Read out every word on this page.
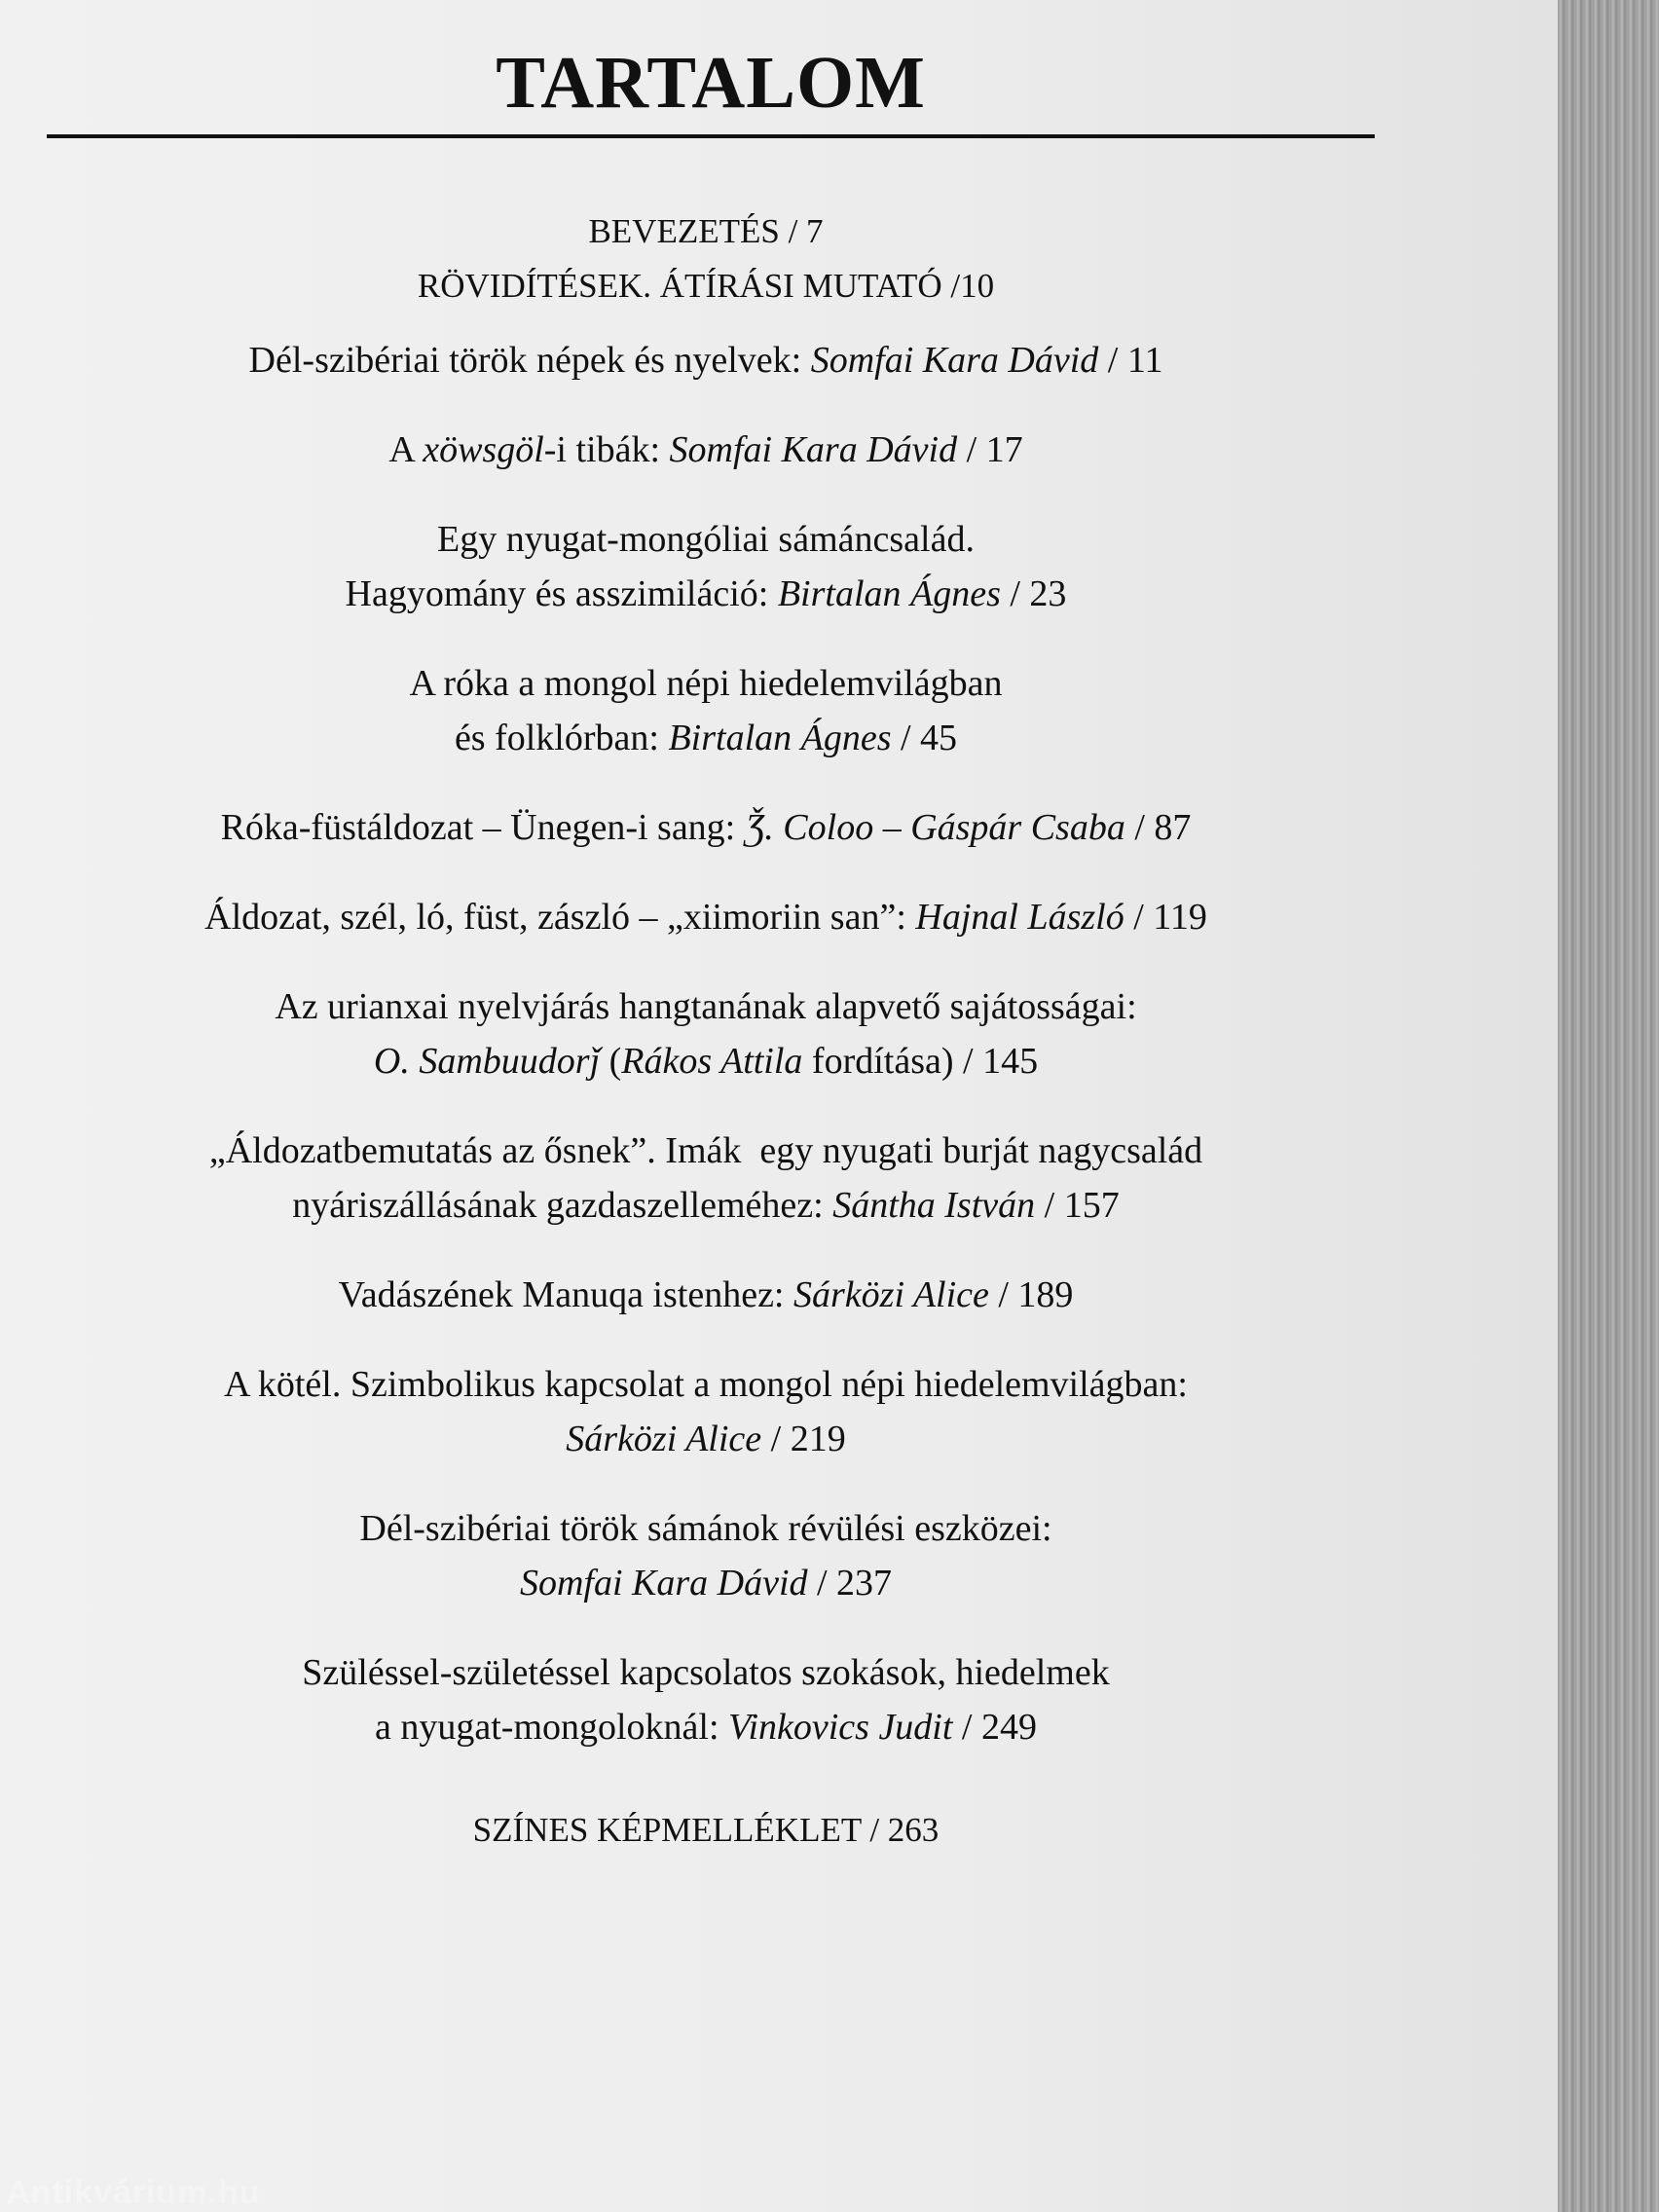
TARTALOM
BEVEZETÉS / 7
RÖVIDÍTÉSEK. ÁTÍRÁSI MUTATÓ /10
Dél-szibériai török népek és nyelvek: Somfai Kara Dávid / 11
A xöwsgöl-i tibák: Somfai Kara Dávid / 17
Egy nyugat-mongóliai sámáncsalád.
Hagyomány és asszimiláció: Birtalan Ágnes / 23
A róka a mongol népi hiedelemvilágban
és folklórban: Birtalan Ágnes / 45
Róka-füstáldozat – Ünegen-i sang: Ǯ. Coloo – Gáspár Csaba / 87
Áldozat, szél, ló, füst, zászló – „xiimoriin san”: Hajnal László / 119
Az urianxai nyelvjárás hangtanának alapvető sajátosságai:
O. Sambuudorǰ (Rákos Attila fordítása) / 145
„Áldozatbemutatás az ősnek”. Imák  egy nyugati burját nagycsalád
nyáriszállásának gazdaszelleméhez: Sántha István / 157
Vadászének Manuqa istenhez: Sárközi Alice / 189
A kötél. Szimbolikus kapcsolat a mongol népi hiedelemvilágban:
Sárközi Alice / 219
Dél-szibériai török sámánok révülési eszközei:
Somfai Kara Dávid / 237
Szüléssel-születéssel kapcsolatos szokások, hiedelmek
a nyugat-mongoloknál: Vinkovics Judit / 249
SZÍNES KÉPMELLÉKLET / 263
Antikvárium.hu
